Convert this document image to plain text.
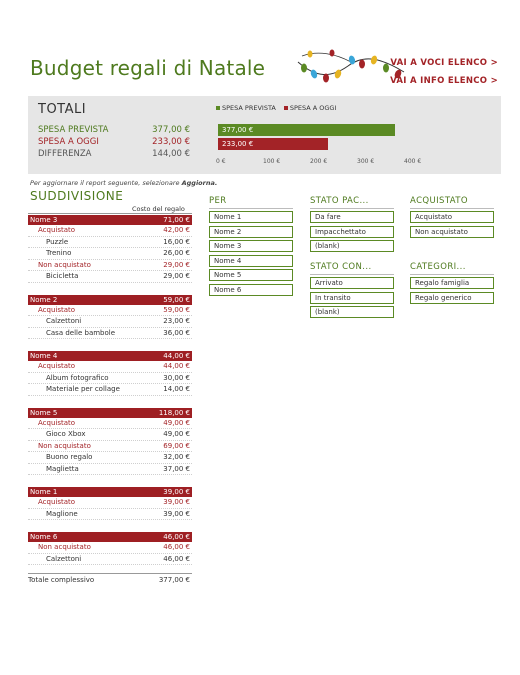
Budget regali di Natale	VAI A VOCI ELENCO >
VAI A INFO ELENCO >
TOTALI	SPESA PREVISTA SPESA A OGGI
SPESA PREVISTA	377,00 €
SPESA A OGGI	233,00 €
DIFFERENZA	144,00 €
377,00 €
233,00 €
0 €	100 €	200 €	300 €	400 €
Per aggiornare il report seguente, selezionare Aggiorna.
SUDDIVISIONE
Costo del regalo
Nome 3	71,00 €
Acquistato	42,00 €
Puzzle	16,00 €
Trenino	26,00 €
Non acquistato	29,00 €
Bicicletta	29,00 €
Nome 2	59,00 €
Acquistato	59,00 €
Calzettoni	23,00 €
Casa delle bambole	36,00 €
Nome 4	44,00 €
Acquistato	44,00 €
Album fotografico	30,00 €
Materiale per collage	14,00 €
Nome 5	118,00 €
Acquistato	49,00 €
Gioco Xbox	49,00 €
Non acquistato	69,00 €
Buono regalo	32,00 €
Maglietta	37,00 €
Nome 1	39,00 €
Acquistato	39,00 €
Maglione	39,00 €
Nome 6	46,00 €
Non acquistato	46,00 €
Calzettoni	46,00 €
Totale complessivo	377,00 €
PER
Nome 1
Nome 2
Nome 3
Nome 4
Nome 5
Nome 6
STATO PAC...
Da fare
Impacchettato
(blank)
ACQUISTATO
Acquistato
Non acquistato
STATO CON...
Arrivato
In transito
(blank)
CATEGORI...
Regalo famiglia
Regalo generico
